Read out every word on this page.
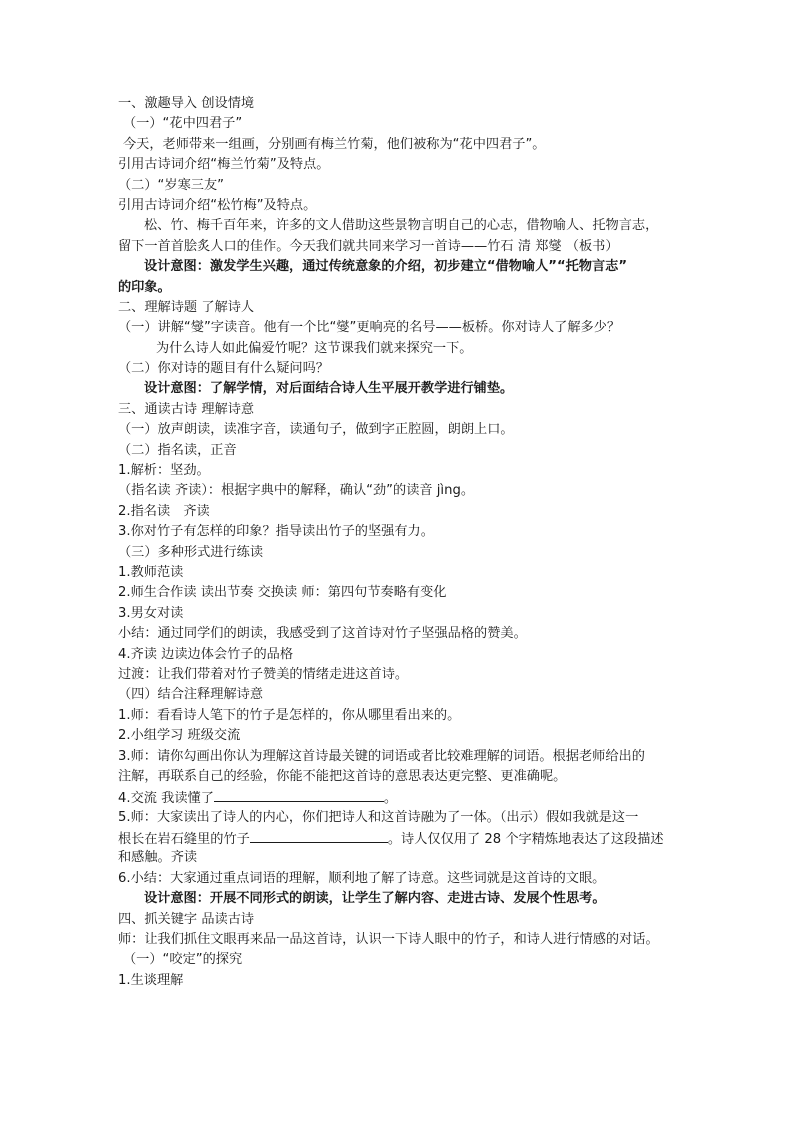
一、激趣导入 创设情境
（一）“花中四君子”
今天，老师带来一组画，分别画有梅兰竹菊，他们被称为“花中四君子”。
引用古诗词介绍“梅兰竹菊”及特点。
（二）“岁寒三友”
引用古诗词介绍“松竹梅”及特点。
松、竹、梅千百年来，许多的文人借助这些景物言明自己的心志，借物喻人、托物言志，
留下一首首脍炙人口的佳作。今天我们就共同来学习一首诗——竹石 清 郑燮 （板书）
设计意图：激发学生兴趣，通过传统意象的介绍，初步建立“借物喻人”“托物言志”
的印象。
二、理解诗题 了解诗人
（一）讲解“燮”字读音。他有一个比“燮”更响亮的名号——板桥。你对诗人了解多少？
为什么诗人如此偏爱竹呢？这节课我们就来探究一下。
（二）你对诗的题目有什么疑问吗？
设计意图：了解学情，对后面结合诗人生平展开教学进行铺垫。
三、通读古诗 理解诗意
（一）放声朗读，读准字音，读通句子，做到字正腔圆，朗朗上口。
（二）指名读，正音
1.解析：坚劲。
（指名读 齐读）：根据字典中的解释，确认“劲”的读音 jìng。
2.指名读　齐读
3.你对竹子有怎样的印象？指导读出竹子的坚强有力。
（三）多种形式进行练读
1.教师范读
2.师生合作读 读出节奏 交换读 师：第四句节奏略有变化
3.男女对读
小结：通过同学们的朗读，我感受到了这首诗对竹子坚强品格的赞美。
4.齐读 边读边体会竹子的品格
过渡：让我们带着对竹子赞美的情绪走进这首诗。
（四）结合注释理解诗意
1.师：看看诗人笔下的竹子是怎样的，你从哪里看出来的。
2.小组学习 班级交流
3.师：请你勾画出你认为理解这首诗最关键的词语或者比较难理解的词语。根据老师给出的
注解，再联系自己的经验，你能不能把这首诗的意思表达更完整、更准确呢。
4.交流 我读懂了	。
5.师：大家读出了诗人的内心，你们把诗人和这首诗融为了一体。（出示）假如我就是这一
根长在岩石缝里的竹子	。诗人仅仅用了 28 个字精炼地表达了这段描述
和感触。齐读
6.小结：大家通过重点词语的理解，顺利地了解了诗意。这些词就是这首诗的文眼。
设计意图：开展不同形式的朗读，让学生了解内容、走进古诗、发展个性思考。
四、抓关键字 品读古诗
师：让我们抓住文眼再来品一品这首诗，认识一下诗人眼中的竹子，和诗人进行情感的对话。
（一）“咬定”的探究
1.生谈理解
